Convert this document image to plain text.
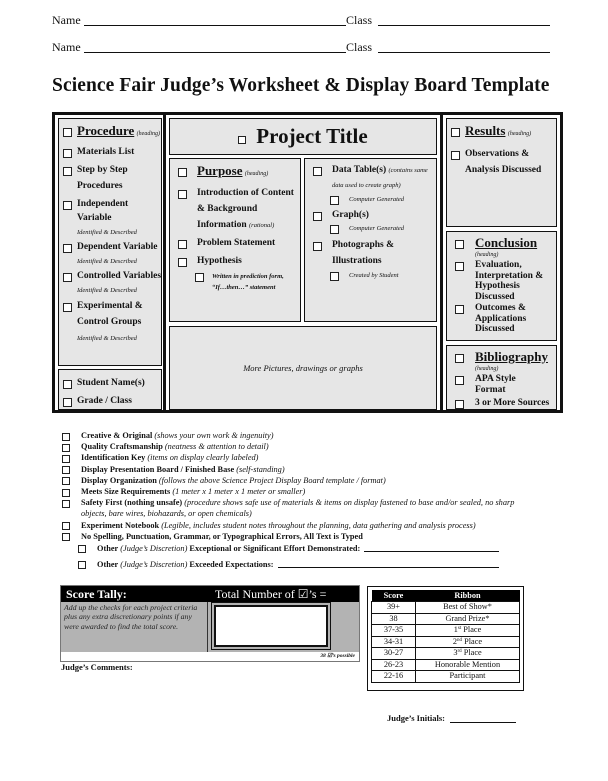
Name	Class
Name	Class
Science Fair Judge’s Worksheet & Display Board Template
Procedure (heading)
Materials List
Step by Step Procedures
Independent Variable
Identified & Described
Dependent Variable
Identified & Described
Controlled Variables
Identified & Described
Experimental & Control Groups
Identified & Described
Student Name(s)
Grade / Class
Project Title
Purpose (heading)
Introduction of Content & Background Information (rational)
Problem Statement
Hypothesis
Written in prediction form, “If…then…” statement
Data Table(s) (contains same data used to create graph)
Computer Generated
Graph(s)
Computer Generated
Photographs & Illustrations
Created by Student
More Pictures, drawings or graphs
Results (heading)
Observations & Analysis Discussed
Conclusion

(heading)
Evaluation, Interpretation & Hypothesis Discussed
Outcomes & Applications Discussed
Bibliography

(heading)
APA Style Format
3 or More Sources
Creative & Original (shows your own work & ingenuity)
Quality Craftsmanship (neatness & attention to detail)
Identification Key (items on display clearly labeled)
Display Presentation Board / Finished Base (self-standing)
Display Organization (follows the above Science Project Display Board template / format)
Meets Size Requirements (1 meter x 1 meter x 1 meter or smaller)
Safety First (nothing unsafe) (procedure shows safe use of materials & items on display fastened to base and/or sealed, no sharp objects, bare wires, biohazards, or open chemicals)
Experiment Notebook (Legible, includes student notes throughout the planning, data gathering and analysis process)
No Spelling, Punctuation, Grammar, or Typographical Errors, All Text is Typed
Other
(Judge’s Discretion)
Exceptional or Significant Effort Demonstrated:
Other
(Judge’s Discretion)
Exceeded Expectations:
Score Tally:	Total Number of ☑’s =
Add up the checks for each project criteria plus any extra discretionary points if any were awarded to find the total score.
38 ☑’s possible
Judge’s Comments:
Score	Ribbon
39+	Best of Show*
38	Grand Prize*
37-35	1st Place
34-31	2nd Place
30-27	3rd Place
26-23	Honorable Mention
22-16	Participant
Judge’s Initials:
